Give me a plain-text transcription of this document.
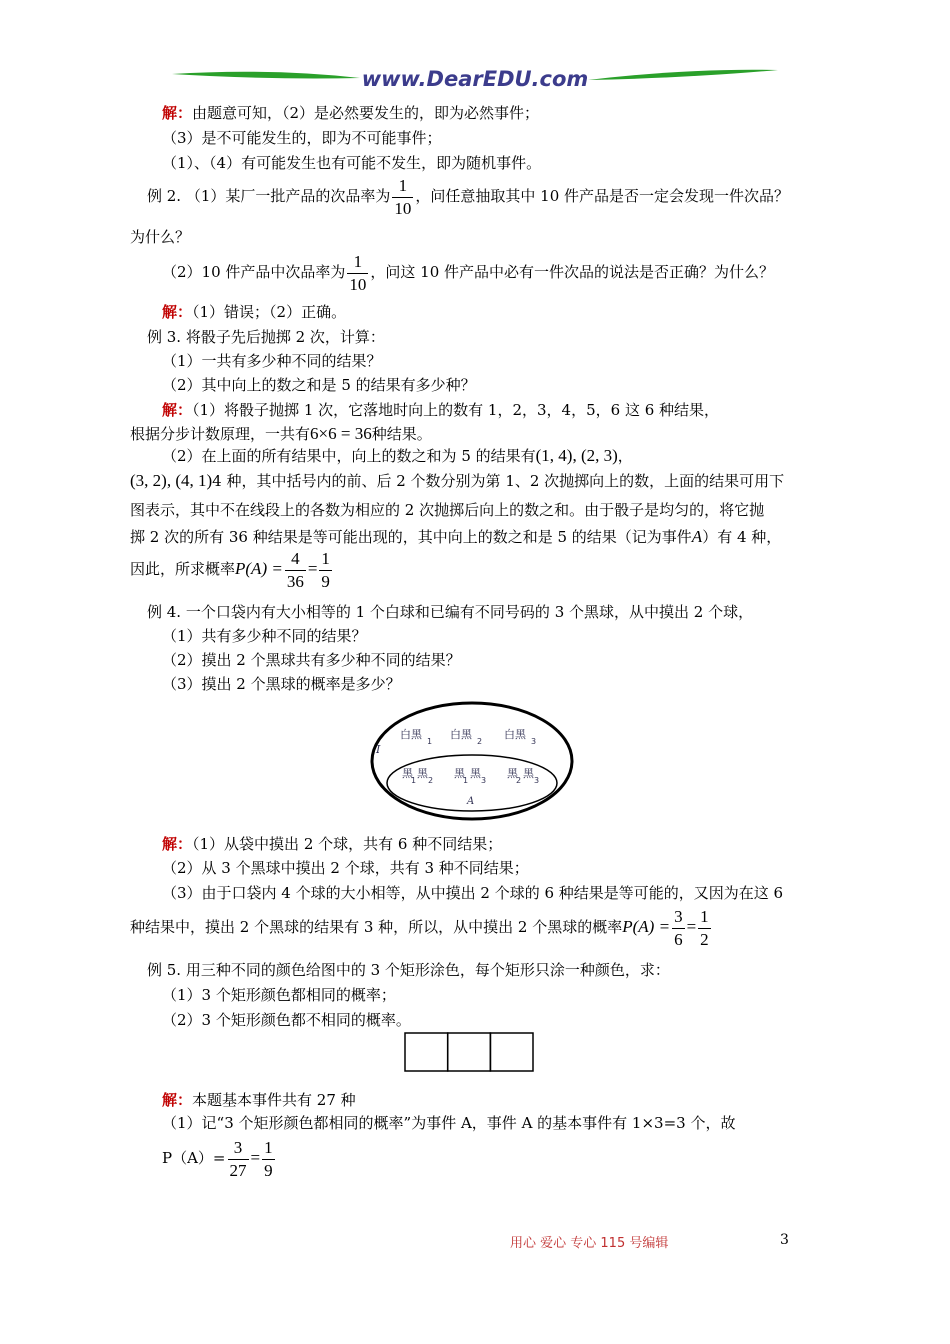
www.DearEDU.com
解：由题意可知，（2）是必然要发生的，即为必然事件；
（3）是不可能发生的，即为不可能事件；
（1）、（4）有可能发生也有可能不发生，即为随机事件。
例 2. （1）某厂一批产品的次品率为 $\frac{1}{10}$ ，问任意抽取其中 10 件产品是否一定会发现一件次品？
为什么？
（2）10 件产品中次品率为 $\frac{1}{10}$ ，问这 10 件产品中必有一件次品的说法是否正确？为什么？
解：（1）错误；（2）正确。
例 3. 将骰子先后抛掷 2 次，计算：
（1）一共有多少种不同的结果？
（2）其中向上的数之和是 5 的结果有多少种？
解：（1）将骰子抛掷 1 次，它落地时向上的数有 1，2，3，4，5，6 这 6 种结果，
根据分步计数原理，一共有6×6 = 36种结果。
（2）在上面的所有结果中，向上的数之和为 5 的结果有(1, 4), (2, 3)，
(3, 2), (4, 1)4 种，其中括号内的前、后 2 个数分别为第 1、2 次抛掷向上的数，上面的结果可用下
图表示，其中不在线段上的各数为相应的 2 次抛掷后向上的数之和。由于骰子是均匀的，将它抛
掷 2 次的所有 36 种结果是等可能出现的，其中向上的数之和是 5 的结果（记为事件A）有 4 种，
因此，所求概率$P(A) = \frac{4}{36} = \frac{1}{9}$
例 4. 一个口袋内有大小相等的 1 个白球和已编有不同号码的 3 个黑球，从中摸出 2 个球，
（1）共有多少种不同的结果？
（2）摸出 2 个黑球共有多少种不同的结果？
（3）摸出 2 个黑球的概率是多少？
I
A
白黑
1
白黑
2
白黑
3
黑
1
黑
2
黑
1
黑
3
黑
2
黑
3
解：（1）从袋中摸出 2 个球，共有 6 种不同结果；
（2）从 3 个黑球中摸出 2 个球，共有 3 种不同结果；
（3）由于口袋内 4 个球的大小相等，从中摸出 2 个球的 6 种结果是等可能的，又因为在这 6
种结果中，摸出 2 个黑球的结果有 3 种，所以，从中摸出 2 个黑球的概率$P(A) = \frac{3}{6} = \frac{1}{2}$
例 5. 用三种不同的颜色给图中的 3 个矩形涂色，每个矩形只涂一种颜色，求：
（1）3 个矩形颜色都相同的概率；
（2）3 个矩形颜色都不相同的概率。
解：本题基本事件共有 27 种
（1）记“3 个矩形颜色都相同的概率”为事件 A，事件 A 的基本事件有 1×3=3 个，故
$P(A)= \frac{3}{27} = \frac{1}{9}$
用心 爱心 专心 115 号编辑	3
